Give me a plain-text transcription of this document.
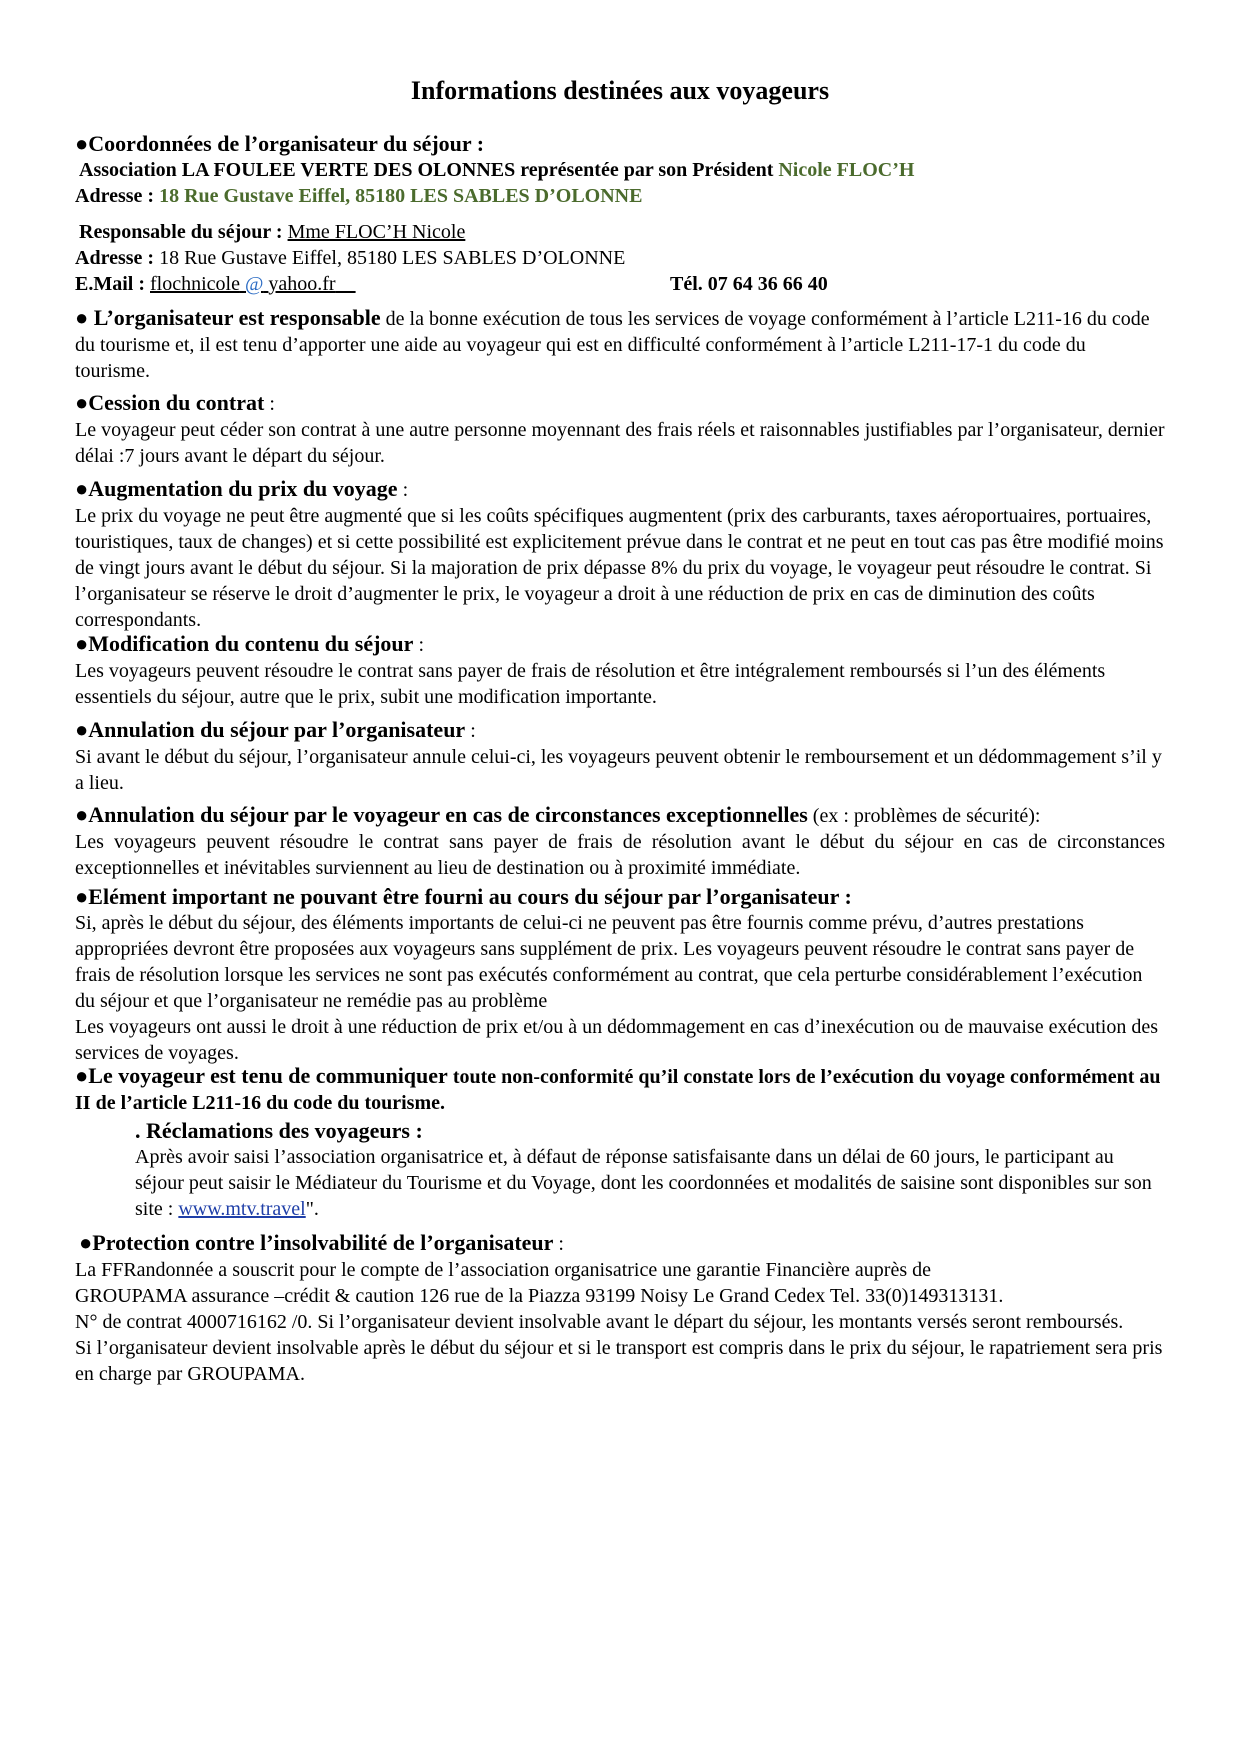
Informations destinées aux voyageurs
●Coordonnées de l’organisateur du séjour :
Association LA FOULEE VERTE DES OLONNES représentée par son Président Nicole FLOC’H
Adresse : 18 Rue Gustave Eiffel, 85180 LES SABLES D’OLONNE
Responsable du séjour : Mme FLOC’H Nicole
Adresse : 18 Rue Gustave Eiffel, 85180 LES SABLES D’OLONNE
E.Mail : flochnicole @ yahoo.fr	Tél. 07 64 36 66 40
● L’organisateur est responsable de la bonne exécution de tous les services de voyage conformément à l’article L211-16 du code du tourisme et, il est tenu d’apporter une aide au voyageur qui est en difficulté conformément à l’article L211-17-1 du code du tourisme.
●Cession du contrat :
Le voyageur peut céder son contrat à une autre personne moyennant des frais réels et raisonnables justifiables par l’organisateur, dernier délai :7 jours avant le départ du séjour.
●Augmentation du prix du voyage :
Le prix du voyage ne peut être augmenté que si les coûts spécifiques augmentent (prix des carburants, taxes aéroportuaires, portuaires, touristiques, taux de changes) et si cette possibilité est explicitement prévue dans le contrat et ne peut en tout cas pas être modifié moins de vingt jours avant le début du séjour. Si la majoration de prix dépasse 8% du prix du voyage, le voyageur peut résoudre le contrat. Si l’organisateur se réserve le droit d’augmenter le prix, le voyageur a droit à une réduction de prix en cas de diminution des coûts correspondants.
●Modification du contenu du séjour :
Les voyageurs peuvent résoudre le contrat sans payer de frais de résolution et être intégralement remboursés si l’un des éléments essentiels du séjour, autre que le prix, subit une modification importante.
●Annulation du séjour par l’organisateur :
Si avant le début du séjour, l’organisateur annule celui-ci, les voyageurs peuvent obtenir le remboursement et un dédommagement s’il y a lieu.
●Annulation du séjour par le voyageur en cas de circonstances exceptionnelles (ex : problèmes de sécurité):
Les voyageurs peuvent résoudre le contrat sans payer de frais de résolution avant le début du séjour en cas de circonstances exceptionnelles et inévitables surviennent au lieu de destination ou à proximité immédiate.
●Elément important ne pouvant être fourni au cours du séjour par l’organisateur :
Si, après le début du séjour, des éléments importants de celui-ci ne peuvent pas être fournis comme prévu, d’autres prestations appropriées devront être proposées aux voyageurs sans supplément de prix. Les voyageurs peuvent résoudre le contrat sans payer de frais de résolution lorsque les services ne sont pas exécutés conformément au contrat, que cela perturbe considérablement l’exécution du séjour et que l’organisateur ne remédie pas au problème
Les voyageurs ont aussi le droit à une réduction de prix et/ou à un dédommagement en cas d’inexécution ou de mauvaise exécution des services de voyages.
●Le voyageur est tenu de communiquer toute non-conformité qu’il constate lors de l’exécution du voyage conformément au II de l’article L211-16 du code du tourisme.
. Réclamations des voyageurs :
Après avoir saisi l’association organisatrice et, à défaut de réponse satisfaisante dans un délai de 60 jours, le participant au séjour peut saisir le Médiateur du Tourisme et du Voyage, dont les coordonnées et modalités de saisine sont disponibles sur son site : www.mtv.travel".
●Protection contre l’insolvabilité de l’organisateur :
La FFRandonnée a souscrit pour le compte de l’association organisatrice une garantie Financière auprès de
GROUPAMA assurance –crédit & caution 126 rue de la Piazza 93199 Noisy Le Grand Cedex Tel. 33(0)149313131.
N° de contrat 4000716162 /0. Si l’organisateur devient insolvable avant le départ du séjour, les montants versés seront remboursés.
Si l’organisateur devient insolvable après le début du séjour et si le transport est compris dans le prix du séjour, le rapatriement sera pris en charge par GROUPAMA.
